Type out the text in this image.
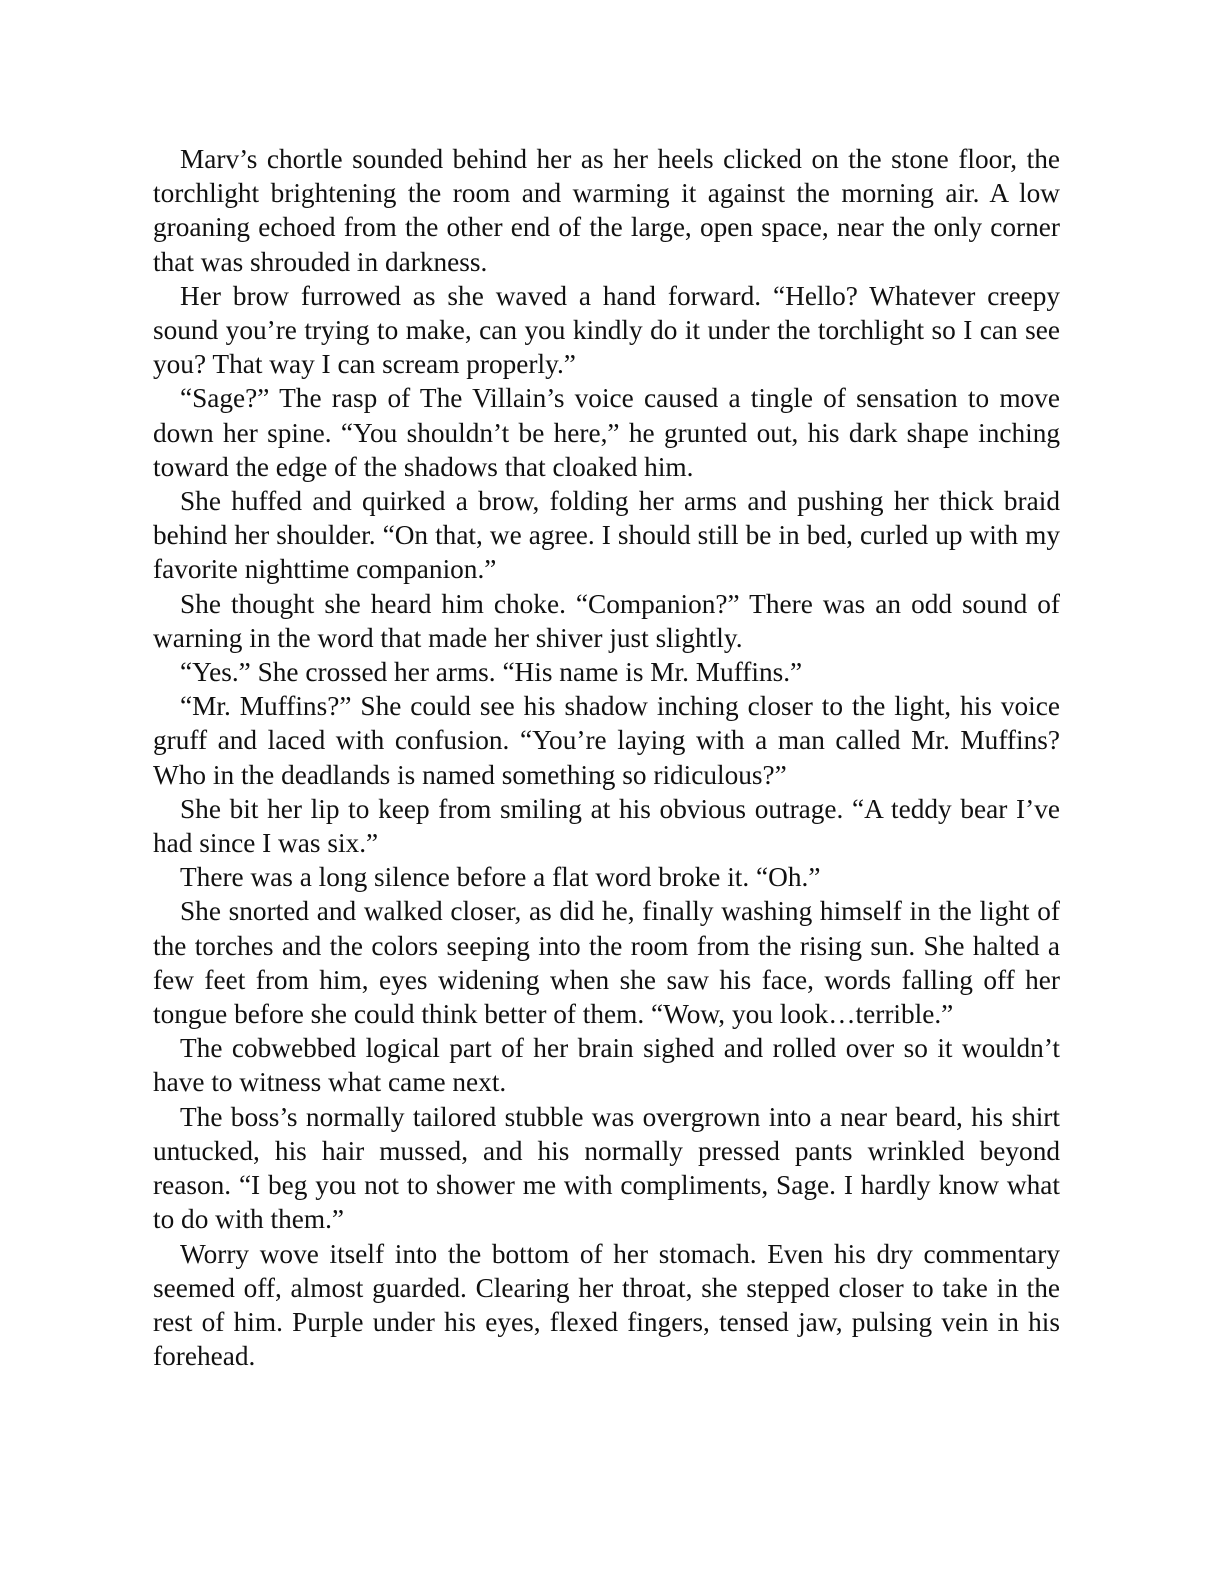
Marv’s chortle sounded behind her as her heels clicked on the stone floor, the torchlight brightening the room and warming it against the morning air. A low groaning echoed from the other end of the large, open space, near the only corner that was shrouded in darkness.

Her brow furrowed as she waved a hand forward. “Hello? Whatever creepy sound you’re trying to make, can you kindly do it under the torchlight so I can see you? That way I can scream properly.”

“Sage?” The rasp of The Villain’s voice caused a tingle of sensation to move down her spine. “You shouldn’t be here,” he grunted out, his dark shape inching toward the edge of the shadows that cloaked him.

She huffed and quirked a brow, folding her arms and pushing her thick braid behind her shoulder. “On that, we agree. I should still be in bed, curled up with my favorite nighttime companion.”

She thought she heard him choke. “Companion?” There was an odd sound of warning in the word that made her shiver just slightly.

“Yes.” She crossed her arms. “His name is Mr. Muffins.”

“Mr. Muffins?” She could see his shadow inching closer to the light, his voice gruff and laced with confusion. “You’re laying with a man called Mr. Muffins? Who in the deadlands is named something so ridiculous?”

She bit her lip to keep from smiling at his obvious outrage. “A teddy bear I’ve had since I was six.”

There was a long silence before a flat word broke it. “Oh.”

She snorted and walked closer, as did he, finally washing himself in the light of the torches and the colors seeping into the room from the rising sun. She halted a few feet from him, eyes widening when she saw his face, words falling off her tongue before she could think better of them. “Wow, you look…terrible.”

The cobwebbed logical part of her brain sighed and rolled over so it wouldn’t have to witness what came next.

The boss’s normally tailored stubble was overgrown into a near beard, his shirt untucked, his hair mussed, and his normally pressed pants wrinkled beyond reason. “I beg you not to shower me with compliments, Sage. I hardly know what to do with them.”

Worry wove itself into the bottom of her stomach. Even his dry commentary seemed off, almost guarded. Clearing her throat, she stepped closer to take in the rest of him. Purple under his eyes, flexed fingers, tensed jaw, pulsing vein in his forehead.
